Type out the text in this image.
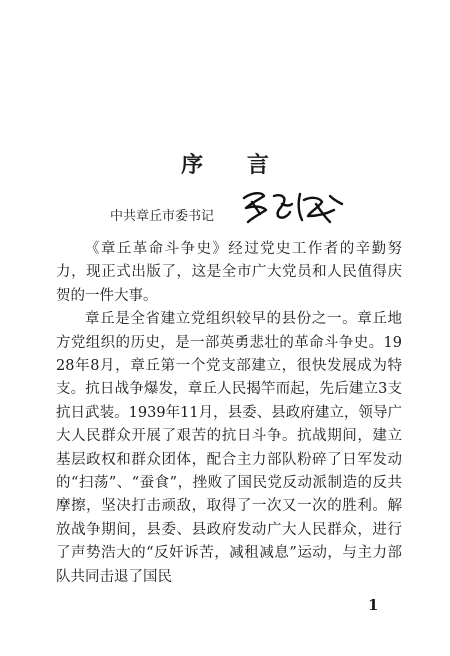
序 言
中共章丘市委书记

《章丘革命斗争史》经过党史工作者的辛勤努力，现正式出版了，这是全市广大党员和人民值得庆贺的一件大事。

章丘是全省建立党组织较早的县份之一。章丘地方党组织的历史，是一部英勇悲壮的革命斗争史。1928年8月，章丘第一个党支部建立，很快发展成为特支。抗日战争爆发，章丘人民揭竿而起，先后建立3支抗日武装。1939年11月，县委、县政府建立，领导广大人民群众开展了艰苦的抗日斗争。抗战期间，建立基层政权和群众团体，配合主力部队粉碎了日军发动的“扫荡”、“蚕食”，挫败了国民党反动派制造的反共摩擦，坚决打击顽敌，取得了一次又一次的胜利。解放战争期间，县委、县政府发动广大人民群众，进行了声势浩大的“反奸诉苦，减租减息”运动，与主力部队共同击退了国民

1
